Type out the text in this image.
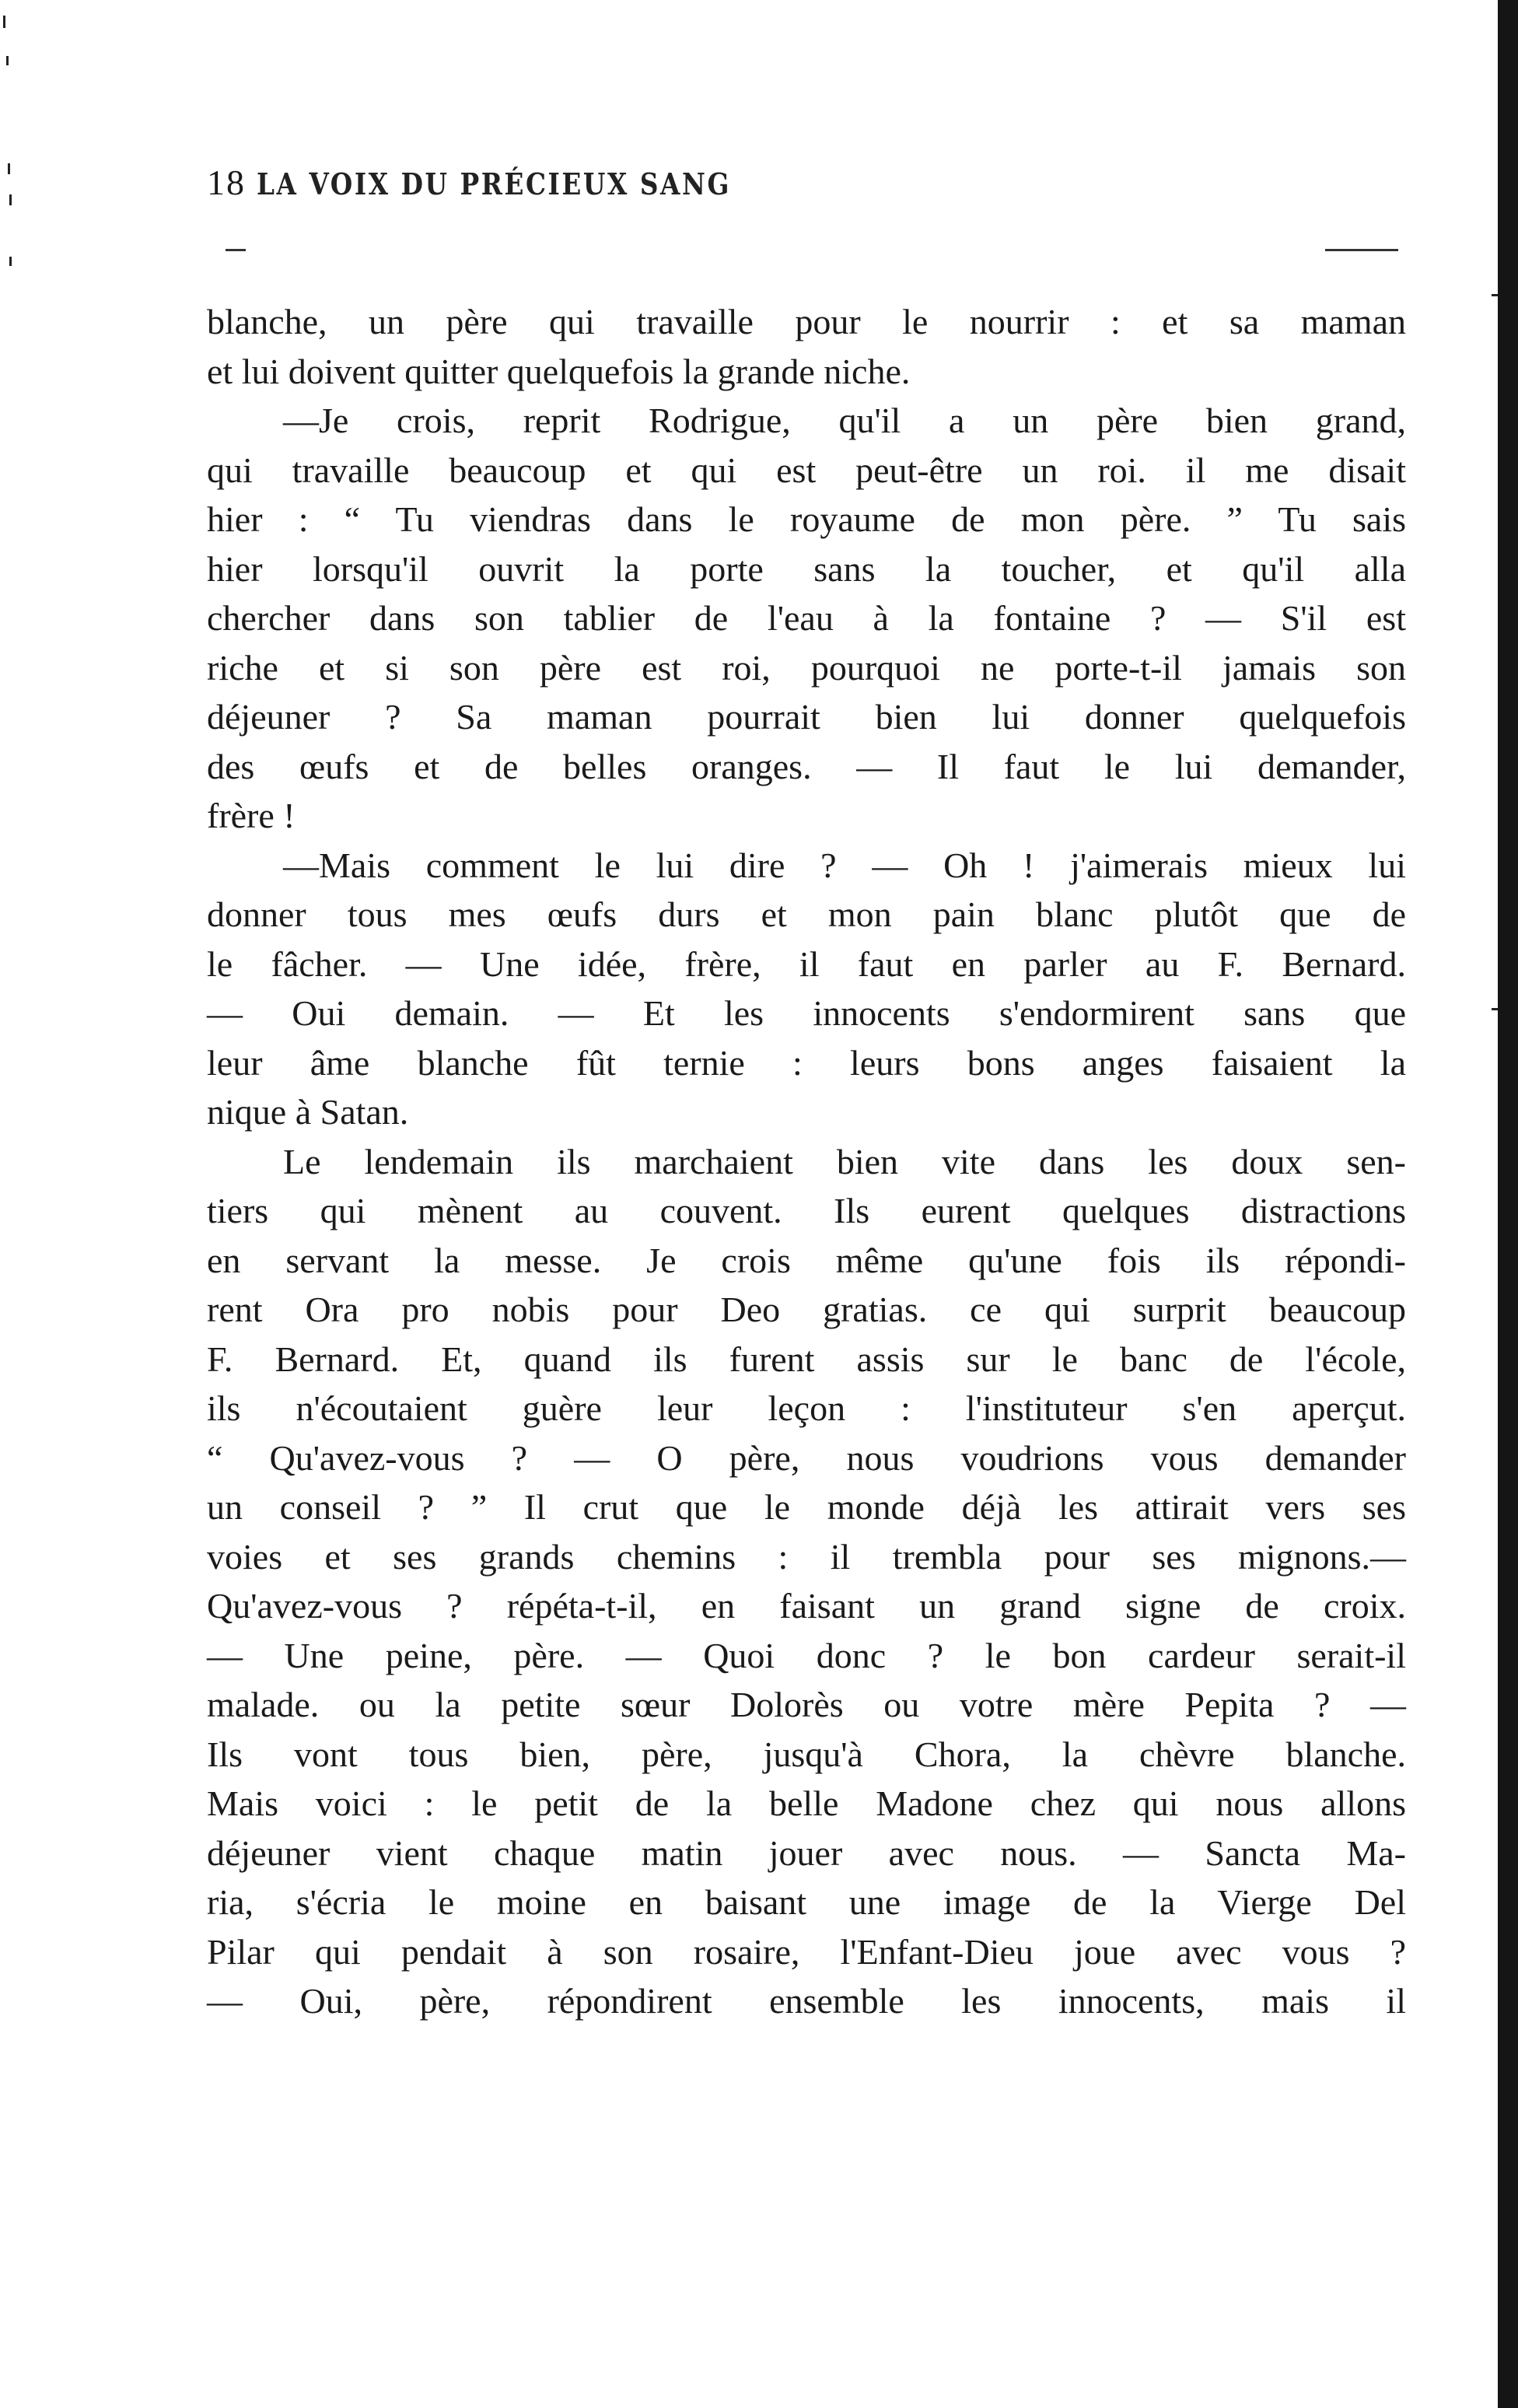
18 LA VOIX DU PRÉCIEUX SANG
blanche, un père qui travaille pour le nourrir : et sa maman
et lui doivent quitter quelquefois la grande niche.
—Je crois, reprit Rodrigue, qu'il a un père bien grand,
qui travaille beaucoup et qui est peut-être un roi. il me disait
hier : “ Tu viendras dans le royaume de mon père. ” Tu sais
hier lorsqu'il ouvrit la porte sans la toucher, et qu'il alla
chercher dans son tablier de l'eau à la fontaine ? — S'il est
riche et si son père est roi, pourquoi ne porte-t-il jamais son
déjeuner ? Sa maman pourrait bien lui donner quelquefois
des œufs et de belles oranges. — Il faut le lui demander,
frère !
—Mais comment le lui dire ? — Oh ! j'aimerais mieux lui
donner tous mes œufs durs et mon pain blanc plutôt que de
le fâcher. — Une idée, frère, il faut en parler au F. Bernard.
— Oui demain. — Et les innocents s'endormirent sans que
leur âme blanche fût ternie : leurs bons anges faisaient la
nique à Satan.
Le lendemain ils marchaient bien vite dans les doux sen-
tiers qui mènent au couvent. Ils eurent quelques distractions
en servant la messe. Je crois même qu'une fois ils répondi-
rent Ora pro nobis pour Deo gratias. ce qui surprit beaucoup
F. Bernard. Et, quand ils furent assis sur le banc de l'école,
ils n'écoutaient guère leur leçon : l'instituteur s'en aperçut.
“ Qu'avez-vous ? — O père, nous voudrions vous demander
un conseil ? ” Il crut que le monde déjà les attirait vers ses
voies et ses grands chemins : il trembla pour ses mignons.—
Qu'avez-vous ? répéta-t-il, en faisant un grand signe de croix.
— Une peine, père. — Quoi donc ? le bon cardeur serait-il
malade. ou la petite sœur Dolorès ou votre mère Pepita ? —
Ils vont tous bien, père, jusqu'à Chora, la chèvre blanche.
Mais voici : le petit de la belle Madone chez qui nous allons
déjeuner vient chaque matin jouer avec nous. — Sancta Ma-
ria, s'écria le moine en baisant une image de la Vierge Del
Pilar qui pendait à son rosaire, l'Enfant-Dieu joue avec vous ?
— Oui, père, répondirent ensemble les innocents, mais il
